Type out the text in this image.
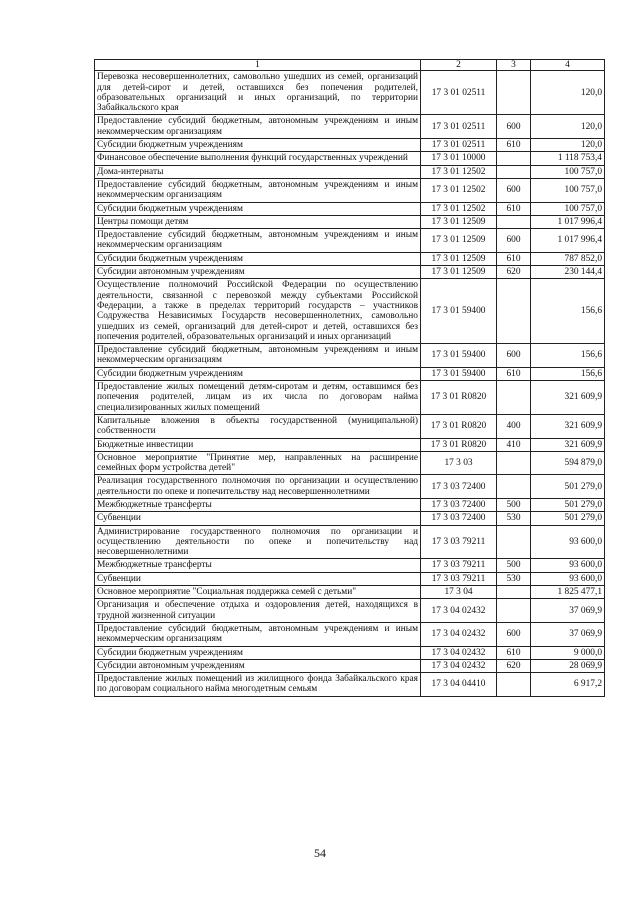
1	2	3	4
Перевозка несовершеннолетних, самовольно ушедших из семей, организаций для детей-сирот и детей, оставшихся без попечения родителей, образовательных организаций и иных организаций, по территории Забайкальского края	17 3 01 02511		120,0
Предоставление субсидий бюджетным, автономным учреждениям и иным некоммерческим организациям	17 3 01 02511	600	120,0
Субсидии бюджетным учреждениям	17 3 01 02511	610	120,0
Финансовое обеспечение выполнения функций государственных учреждений	17 3 01 10000		1 118 753,4
Дома-интернаты	17 3 01 12502		100 757,0
Предоставление субсидий бюджетным, автономным учреждениям и иным некоммерческим организациям	17 3 01 12502	600	100 757,0
Субсидии бюджетным учреждениям	17 3 01 12502	610	100 757,0
Центры помощи детям	17 3 01 12509		1 017 996,4
Предоставление субсидий бюджетным, автономным учреждениям и иным некоммерческим организациям	17 3 01 12509	600	1 017 996,4
Субсидии бюджетным учреждениям	17 3 01 12509	610	787 852,0
Субсидии автономным учреждениям	17 3 01 12509	620	230 144,4
Осуществление полномочий Российской Федерации по осуществлению деятельности, связанной с перевозкой между субъектами Российской Федерации, а также в пределах территорий государств – участников Содружества Независимых Государств несовершеннолетних, самовольно ушедших из семей, организаций для детей-сирот и детей, оставшихся без попечения родителей, образовательных организаций и иных организаций	17 3 01 59400		156,6
Предоставление субсидий бюджетным, автономным учреждениям и иным некоммерческим организациям	17 3 01 59400	600	156,6
Субсидии бюджетным учреждениям	17 3 01 59400	610	156,6
Предоставление жилых помещений детям-сиротам и детям, оставшимся без попечения родителей, лицам из их числа по договорам найма специализированных жилых помещений	17 3 01 R0820		321 609,9
Капитальные вложения в объекты государственной (муниципальной) собственности	17 3 01 R0820	400	321 609,9
Бюджетные инвестиции	17 3 01 R0820	410	321 609,9
Основное мероприятие "Принятие мер, направленных на расширение семейных форм устройства детей"	17 3 03		594 879,0
Реализация государственного полномочия по организации и осуществлению деятельности по опеке и попечительству над несовершеннолетними	17 3 03 72400		501 279,0
Межбюджетные трансферты	17 3 03 72400	500	501 279,0
Субвенции	17 3 03 72400	530	501 279,0
Администрирование государственного полномочия по организации и осуществлению деятельности по опеке и попечительству над несовершеннолетними	17 3 03 79211		93 600,0
Межбюджетные трансферты	17 3 03 79211	500	93 600,0
Субвенции	17 3 03 79211	530	93 600,0
Основное мероприятие "Социальная поддержка семей с детьми"	17 3 04		1 825 477,1
Организация и обеспечение отдыха и оздоровления детей, находящихся в трудной жизненной ситуации	17 3 04 02432		37 069,9
Предоставление субсидий бюджетным, автономным учреждениям и иным некоммерческим организациям	17 3 04 02432	600	37 069,9
Субсидии бюджетным учреждениям	17 3 04 02432	610	9 000,0
Субсидии автономным учреждениям	17 3 04 02432	620	28 069,9
Предоставление жилых помещений из жилищного фонда Забайкальского края по договорам социального найма многодетным семьям	17 3 04 04410		6 917,2
54
